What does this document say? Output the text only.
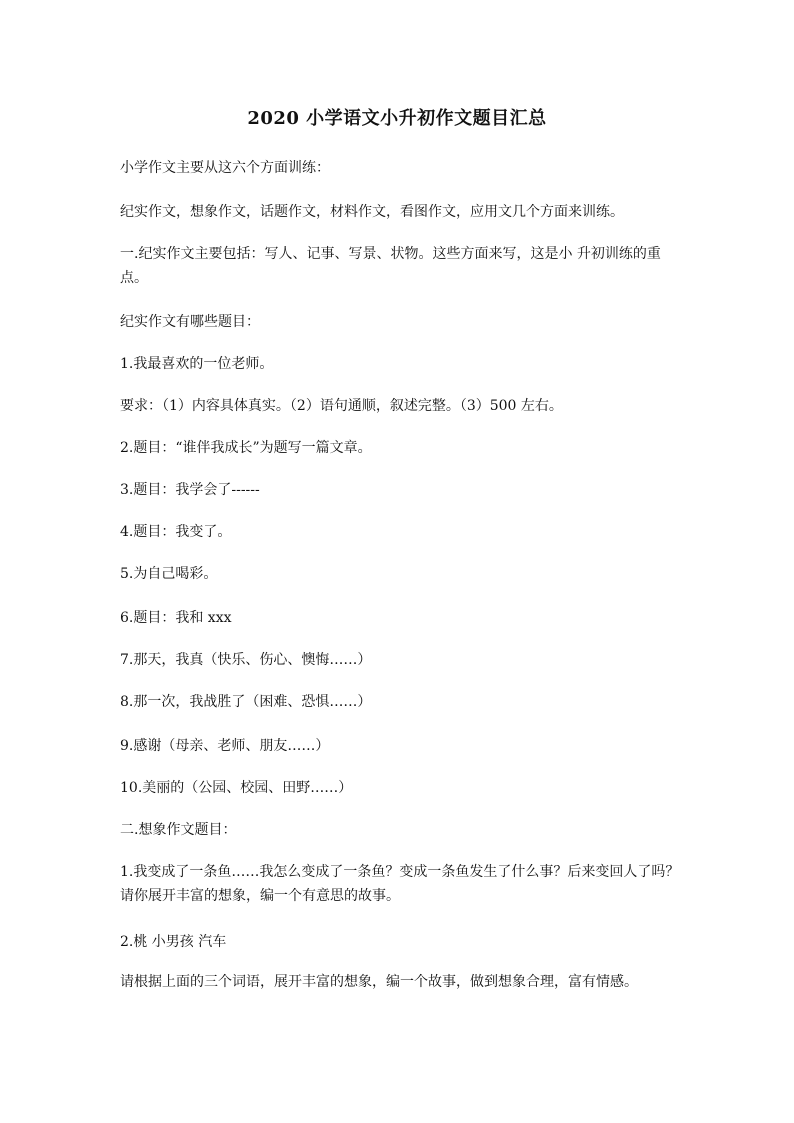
2020 小学语文小升初作文题目汇总
小学作文主要从这六个方面训练：
纪实作文，想象作文，话题作文，材料作文，看图作文，应用文几个方面来训练。
一.纪实作文主要包括：写人、记事、写景、状物。这些方面来写，这是小 升初训练的重点。
纪实作文有哪些题目：
1.我最喜欢的一位老师。
要求：（1）内容具体真实。（2）语句通顺，叙述完整。（3）500 左右。
2.题目：“谁伴我成长”为题写一篇文章。
3.题目：我学会了------
4.题目：我变了。
5.为自己喝彩。
6.题目：我和 xxx
7.那天，我真（快乐、伤心、懊悔……）
8.那一次，我战胜了（困难、恐惧……）
9.感谢（母亲、老师、朋友……）
10.美丽的（公园、校园、田野……）
二.想象作文题目：
1.我变成了一条鱼……我怎么变成了一条鱼？变成一条鱼发生了什么事？后来变回人了吗？请你展开丰富的想象，编一个有意思的故事。
2.桃 小男孩 汽车
请根据上面的三个词语，展开丰富的想象，编一个故事，做到想象合理，富有情感。
